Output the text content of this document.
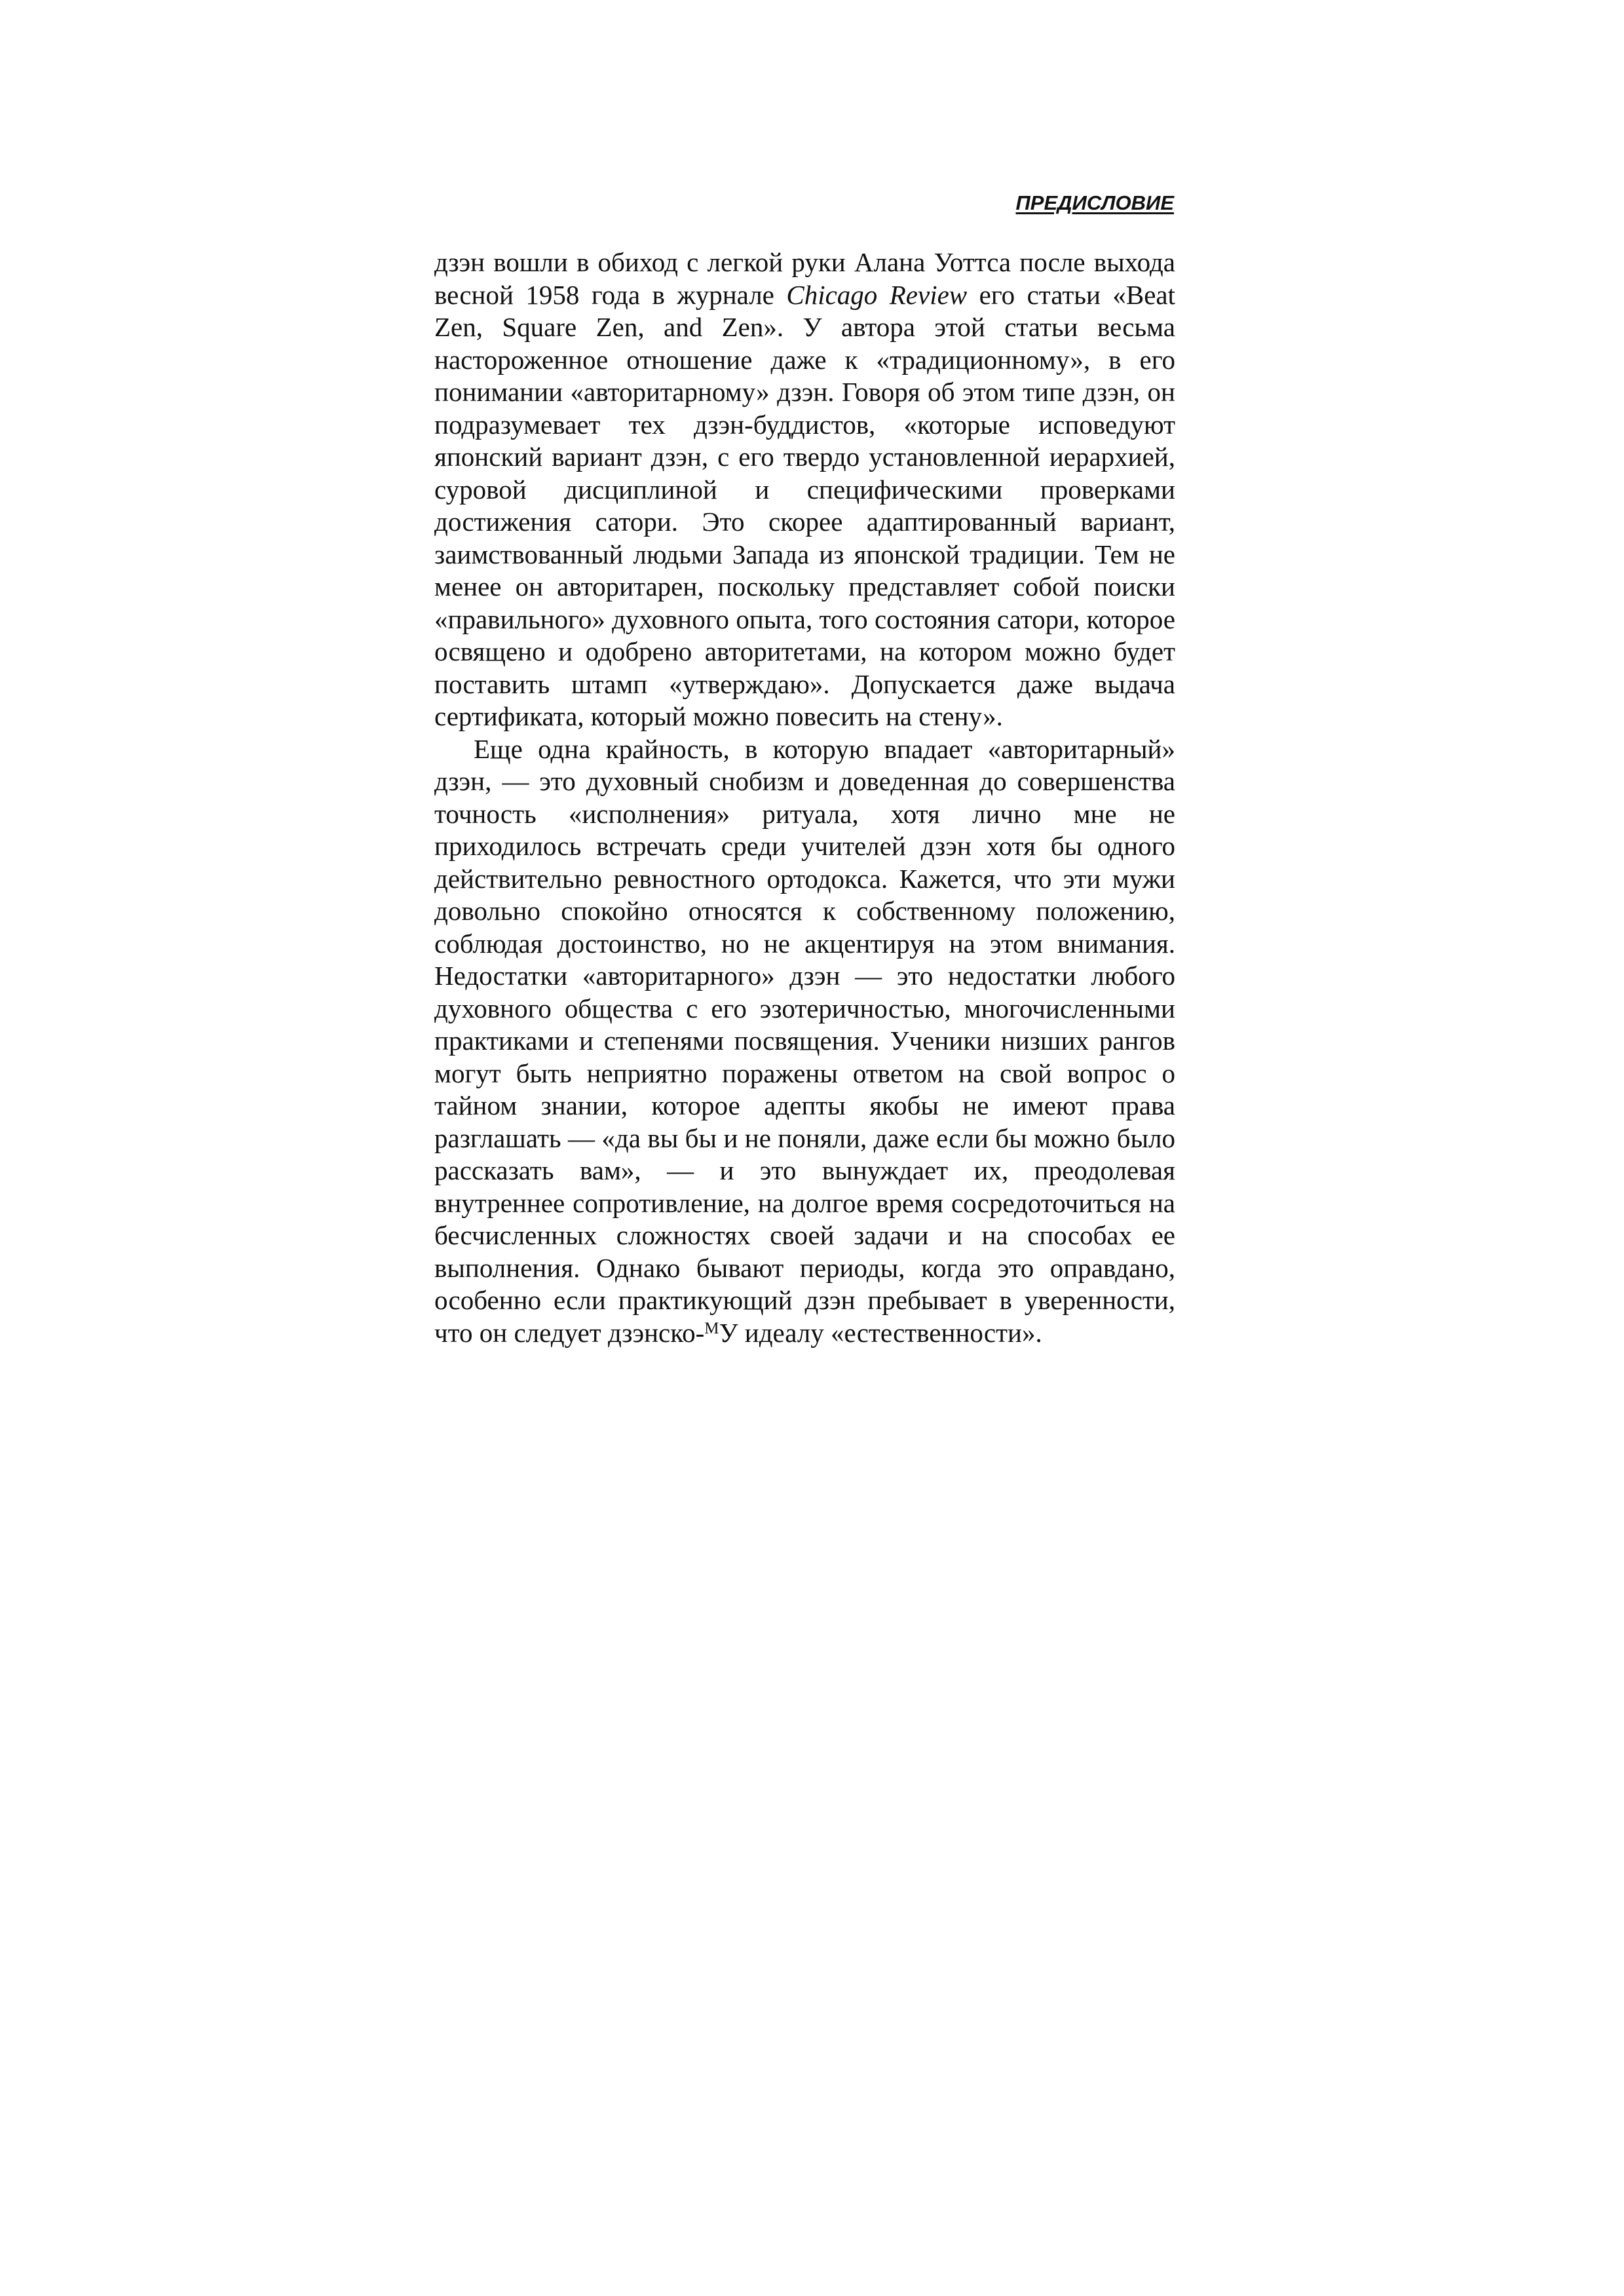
ПРЕДИСЛОВИЕ

дзэн вошли в обиход с легкой руки Алана Уоттса после выхода весной 1958 года в журнале Chicago Review его статьи «Beat Zen, Square Zen, and Zen». У автора этой статьи весьма настороженное отношение даже к «традиционному», в его понимании «авторитарному» дзэн. Говоря об этом типе дзэн, он подразумевает тех дзэн-буддистов, «которые исповедуют японский вариант дзэн, с его твердо установленной иерархией, суровой дисциплиной и специфическими проверками достижения сатори. Это скорее адаптированный вариант, заимствованный людьми Запада из японской традиции. Тем не менее он авторитарен, поскольку представляет собой поиски «правильного» духовного опыта, того состояния сатори, которое освящено и одобрено авторитетами, на котором можно будет поставить штамп «утверждаю». Допускается даже выдача сертификата, который можно повесить на стену».

Еще одна крайность, в которую впадает «авторитарный» дзэн, — это духовный снобизм и доведенная до совершенства точность «исполнения» ритуала, хотя лично мне не приходилось встречать среди учителей дзэн хотя бы одного действительно ревностного ортодокса. Кажется, что эти мужи довольно спокойно относятся к собственному положению, соблюдая достоинство, но не акцентируя на этом внимания. Недостатки «авторитарного» дзэн — это недостатки любого духовного общества с его эзотеричностью, многочисленными практиками и степенями посвящения. Ученики низших рангов могут быть неприятно поражены ответом на свой вопрос о тайном знании, которое адепты якобы не имеют права разглашать — «да вы бы и не поняли, даже если бы можно было рассказать вам», — и это вынуждает их, преодолевая внутреннее сопротивление, на долгое время сосредоточиться на бесчисленных сложностях своей задачи и на способах ее выполнения. Однако бывают периоды, когда это оправдано, особенно если практикующий дзэн пребывает в уверенности, что он следует дзэнско-$^М$У идеалу «естественности».
